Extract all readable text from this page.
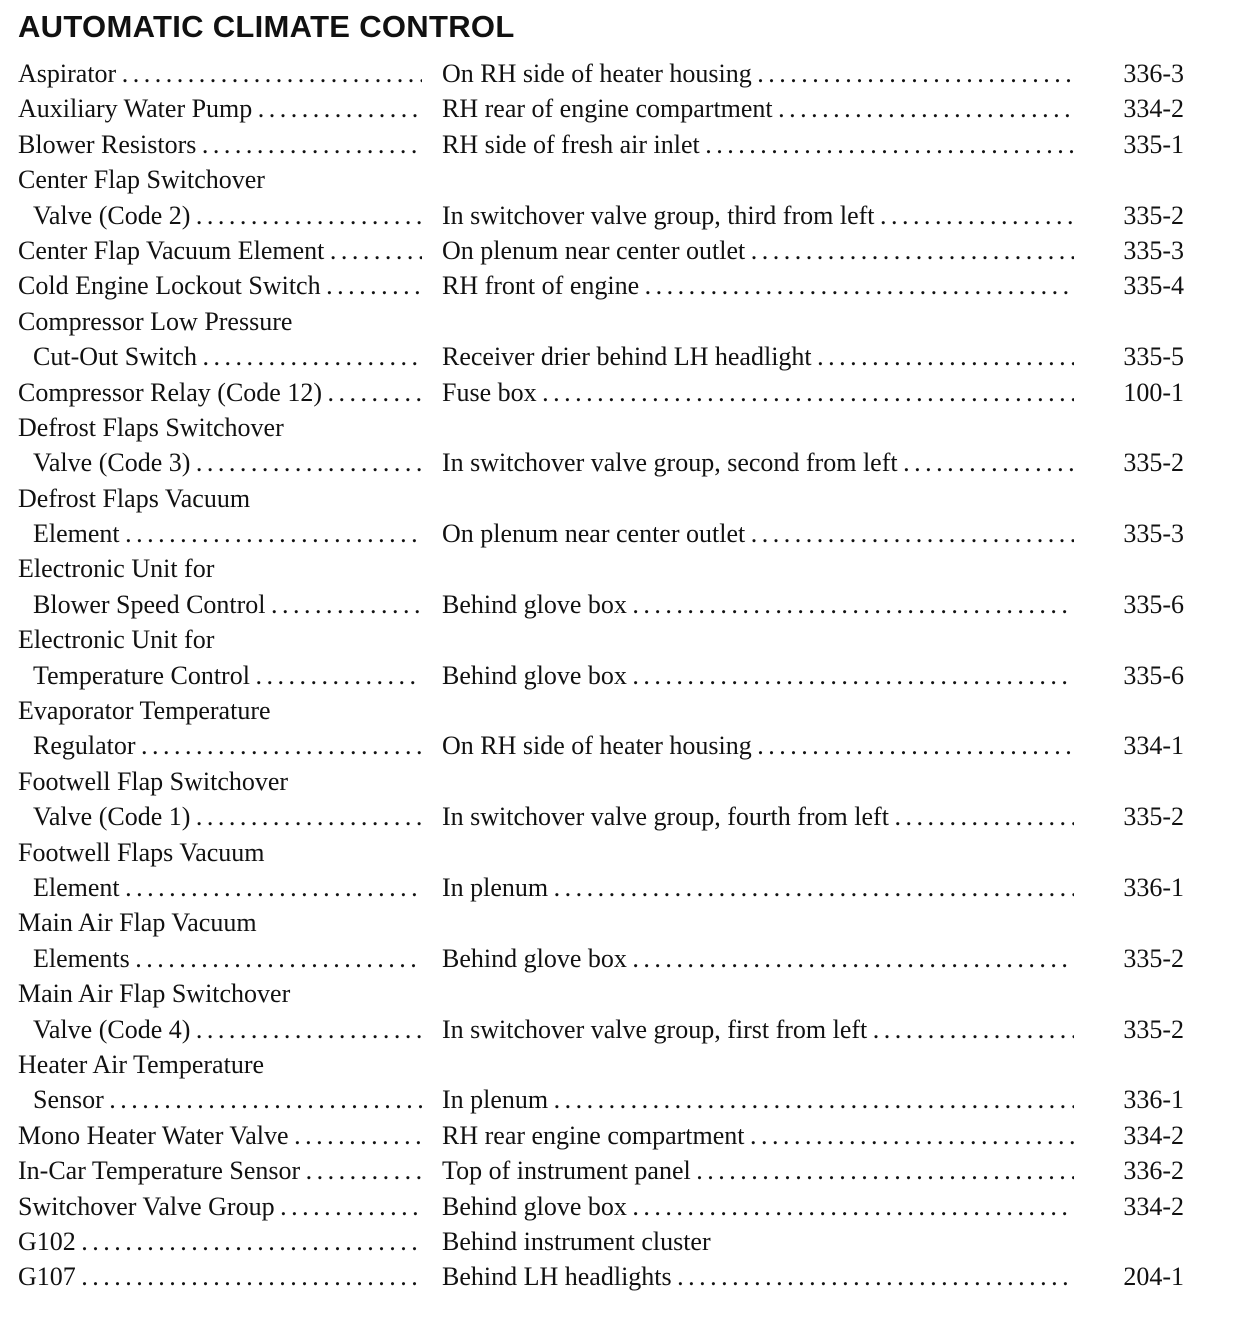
AUTOMATIC CLIMATE CONTROL
Aspirator . . .	On RH side of heater housing . . .	336-3
Auxiliary Water Pump . . .	RH rear of engine compartment . . .	334-2
Blower Resistors . . .	RH side of fresh air inlet . . .	335-1
Center Flap Switchover
Valve (Code 2) . . .	In switchover valve group, third from left . . .	335-2
Center Flap Vacuum Element . . .	On plenum near center outlet . . .	335-3
Cold Engine Lockout Switch . . .	RH front of engine . . .	335-4
Compressor Low Pressure
Cut-Out Switch . . .	Receiver drier behind LH headlight . . .	335-5
Compressor Relay (Code 12) . . .	Fuse box . . .	100-1
Defrost Flaps Switchover
Valve (Code 3) . . .	In switchover valve group, second from left . . .	335-2
Defrost Flaps Vacuum
Element . . .	On plenum near center outlet . . .	335-3
Electronic Unit for
Blower Speed Control . . .	Behind glove box . . .	335-6
Electronic Unit for
Temperature Control . . .	Behind glove box . . .	335-6
Evaporator Temperature
Regulator . . .	On RH side of heater housing . . .	334-1
Footwell Flap Switchover
Valve (Code 1) . . .	In switchover valve group, fourth from left . . .	335-2
Footwell Flaps Vacuum
Element . . .	In plenum . . .	336-1
Main Air Flap Vacuum
Elements . . .	Behind glove box . . .	335-2
Main Air Flap Switchover
Valve (Code 4) . . .	In switchover valve group, first from left . . .	335-2
Heater Air Temperature
Sensor . . .	In plenum . . .	336-1
Mono Heater Water Valve . . .	RH rear engine compartment . . .	334-2
In-Car Temperature Sensor . . .	Top of instrument panel . . .	336-2
Switchover Valve Group . . .	Behind glove box . . .	334-2
G102 . . .	Behind instrument cluster
G107 . . .	Behind LH headlights . . .	204-1
